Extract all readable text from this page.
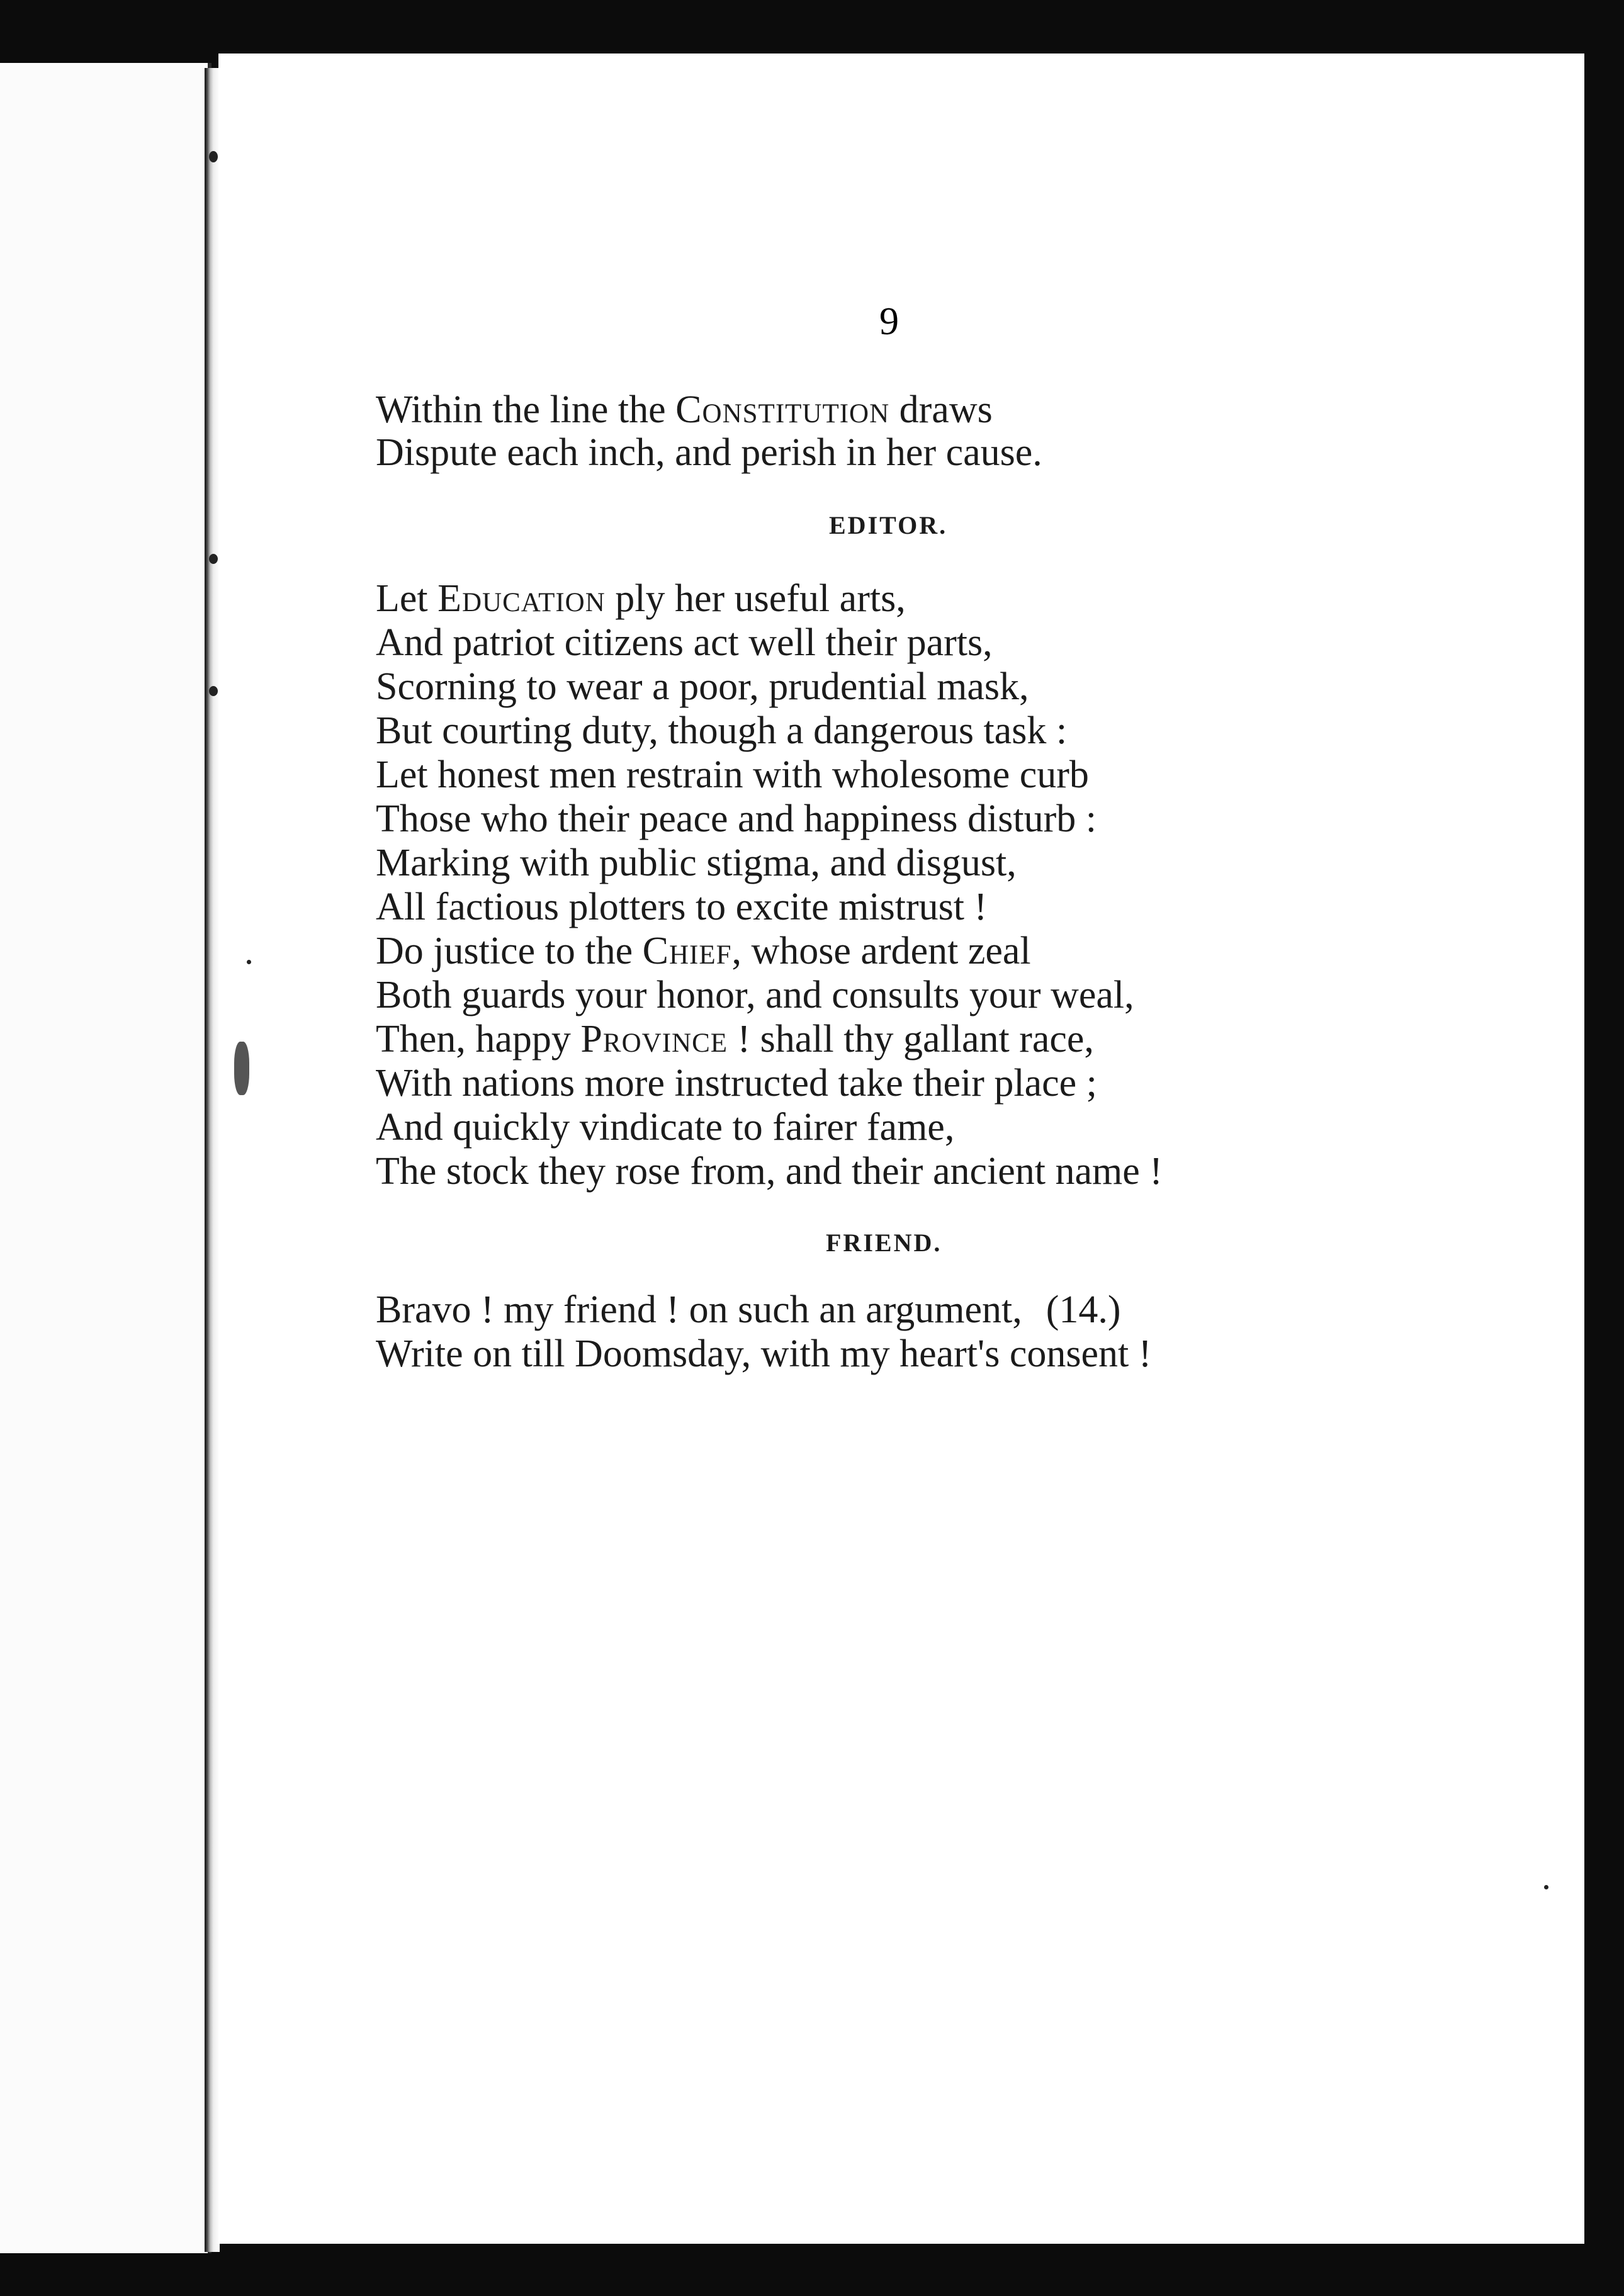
9
Within the line the Constitution draws
Dispute each inch, and perish in her cause.
EDITOR.
Let Education ply her useful arts,
And patriot citizens act well their parts,
Scorning to wear a poor, prudential mask,
But courting duty, though a dangerous task :
Let honest men restrain with wholesome curb
Those who their peace and happiness disturb :
Marking with public stigma, and disgust,
All factious plotters to excite mistrust !
Do justice to the Chief, whose ardent zeal
Both guards your honor, and consults your weal,
Then, happy Province ! shall thy gallant race,
With nations more instructed take their place ;
And quickly vindicate to fairer fame,
The stock they rose from, and their ancient name !
FRIEND.
Bravo ! my friend ! on such an argument, (14.)
Write on till Doomsday, with my heart's consent !
